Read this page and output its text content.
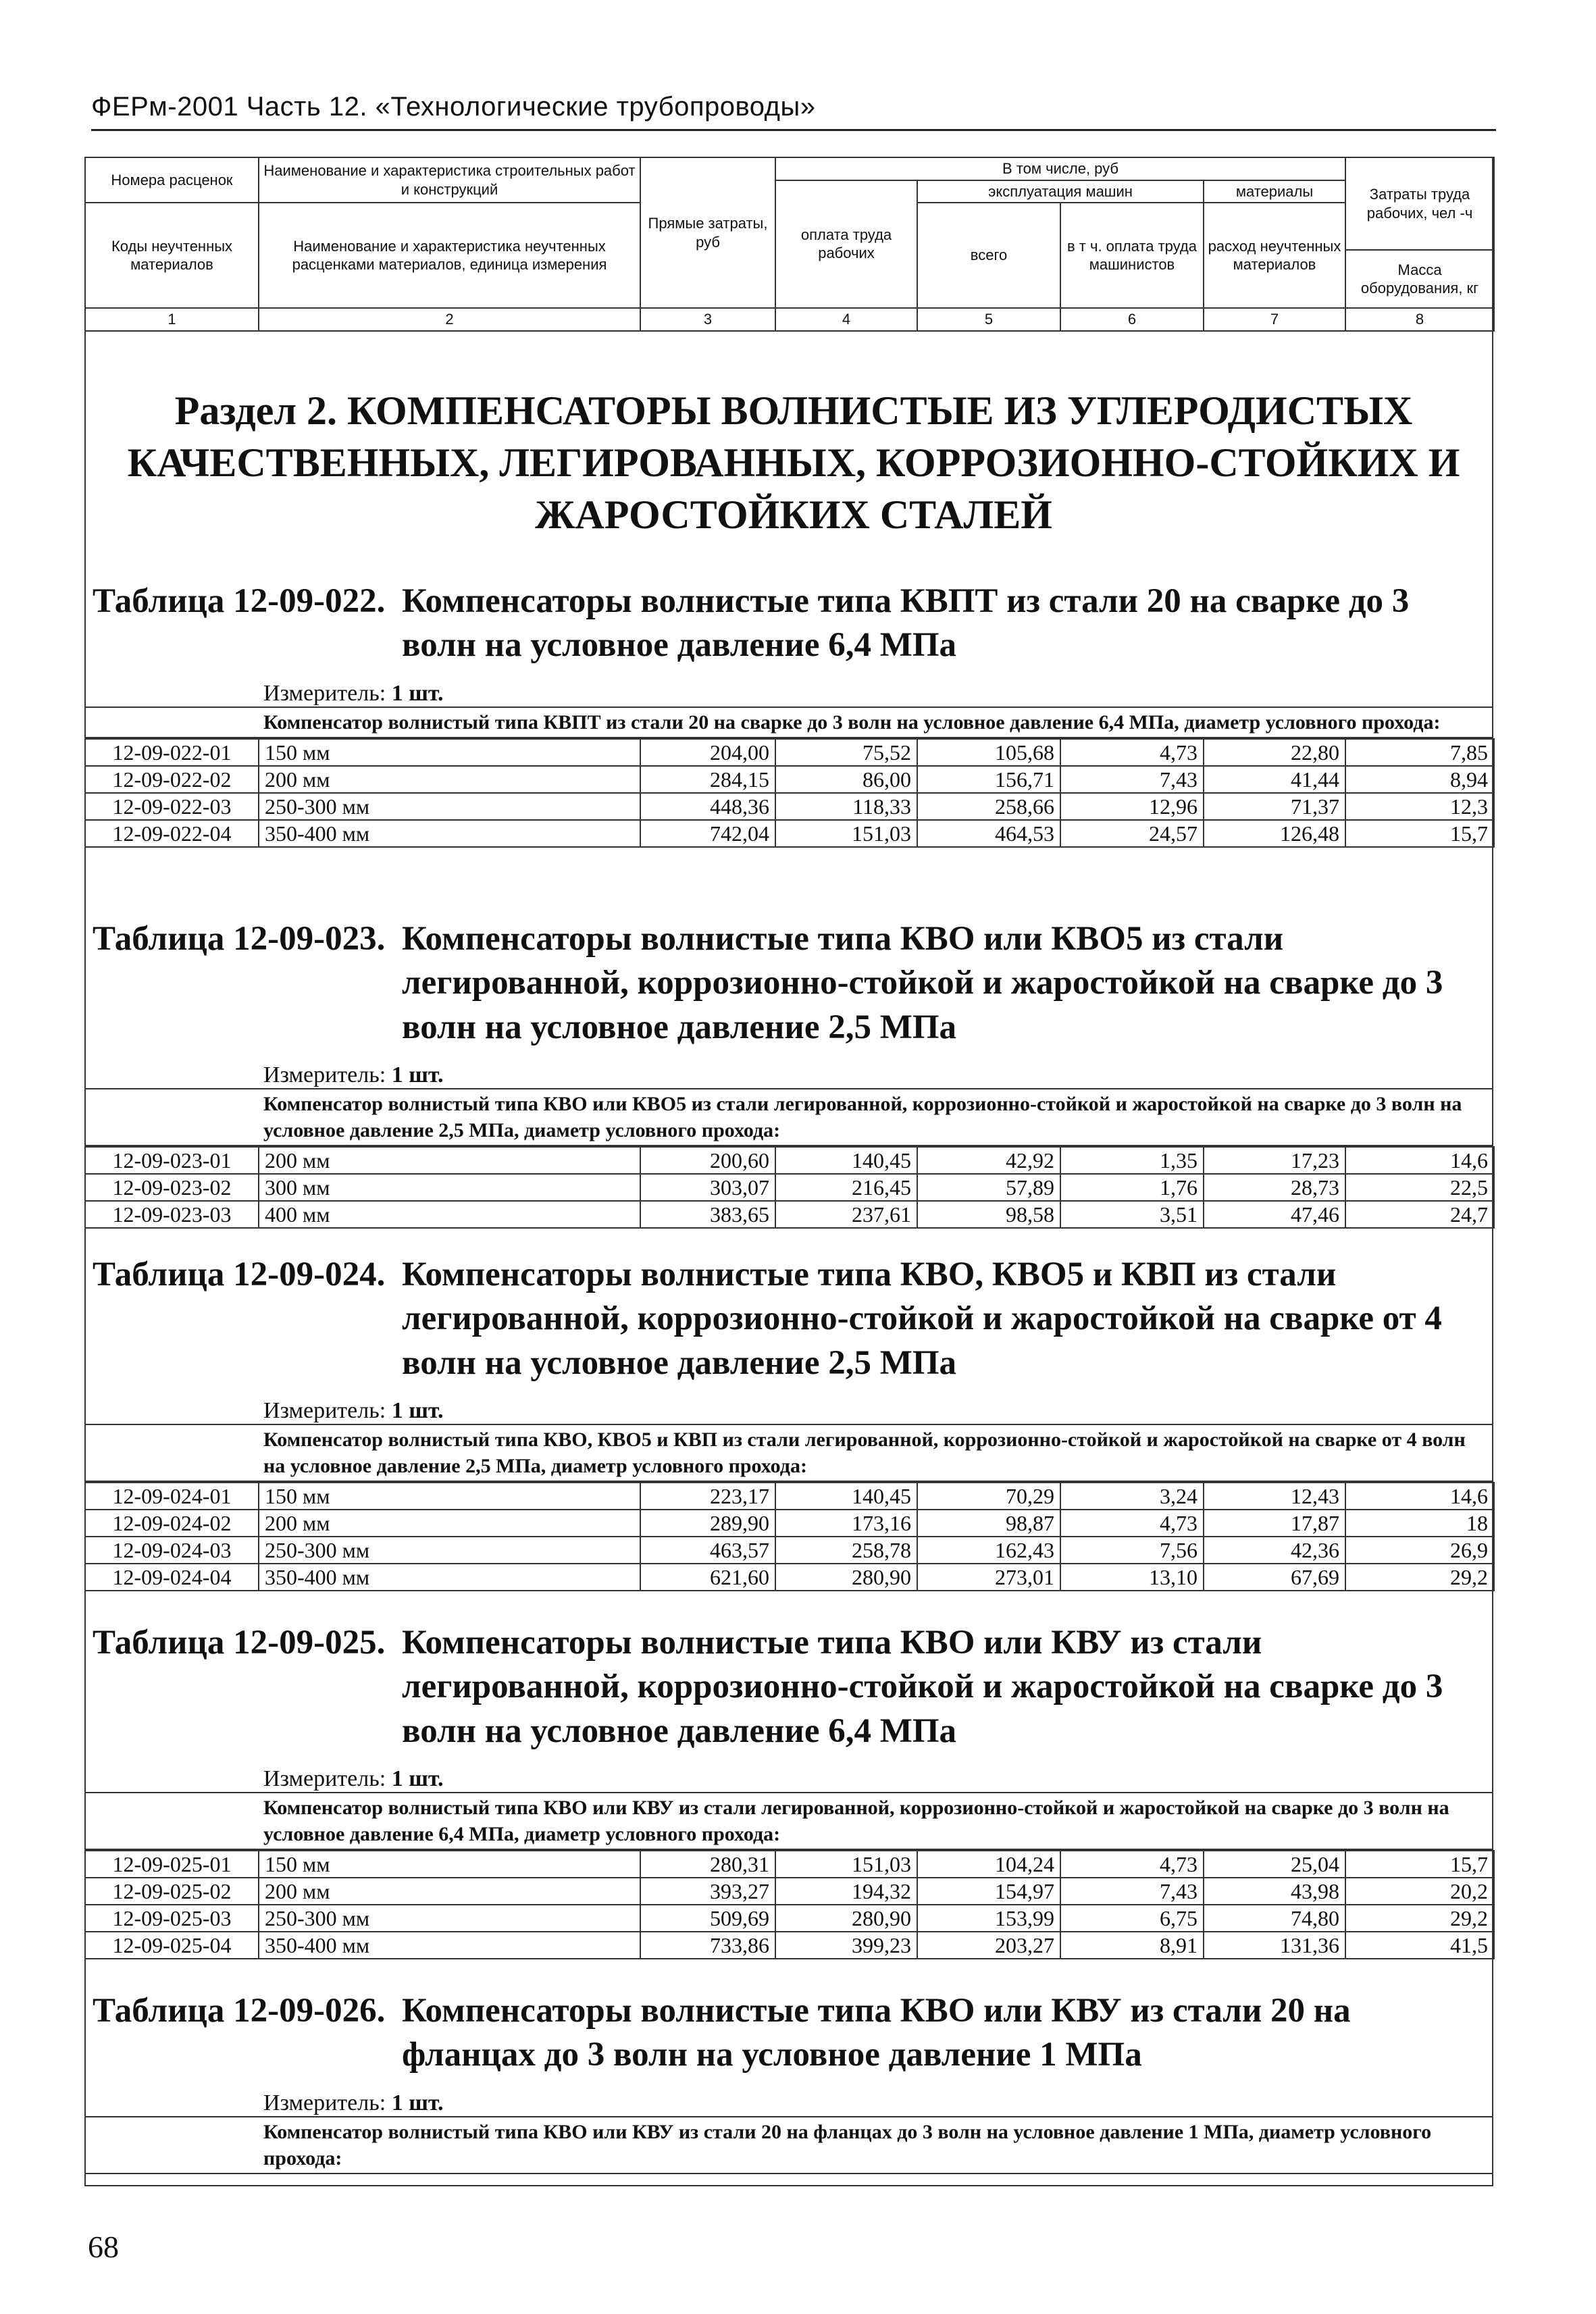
ФЕРм-2001 Часть 12. «Технологические трубопроводы»
Номера расценок	Наименование и характеристика строительных работ и конструкций	Прямые затраты, руб	В том числе, руб				Затраты труда рабочих, чел -ч
			оплата труда рабочих	эксплуатация машин		материалы	
Коды неучтенных материалов	Наименование и характеристика неучтенных расценками материалов, единица измерения			всего	в т ч. оплата труда машинистов	расход неучтенных материалов	
							Масса оборудования, кг
1	2	3	4	5	6	7	8
Раздел 2. КОМПЕНСАТОРЫ ВОЛНИСТЫЕ ИЗ УГЛЕРОДИСТЫХ КАЧЕСТВЕННЫХ, ЛЕГИРОВАННЫХ, КОРРОЗИОННО-СТОЙКИХ И ЖАРОСТОЙКИХ СТАЛЕЙ
Таблица 12-09-022. Компенсаторы волнистые типа КВПТ из стали 20 на сварке до 3 волн на условное давление 6,4 МПа
Измеритель: 1 шт.
Компенсатор волнистый типа КВПТ из стали 20 на сварке до 3 волн на условное давление 6,4 МПа, диаметр условного прохода:
12-09-022-01	150 мм	204,00	75,52	105,68	4,73	22,80	7,85
12-09-022-02	200 мм	284,15	86,00	156,71	7,43	41,44	8,94
12-09-022-03	250-300 мм	448,36	118,33	258,66	12,96	71,37	12,3
12-09-022-04	350-400 мм	742,04	151,03	464,53	24,57	126,48	15,7
Таблица 12-09-023. Компенсаторы волнистые типа КВО или КВО5 из стали легированной, коррозионно-стойкой и жаростойкой на сварке до 3 волн на условное давление 2,5 МПа
Измеритель: 1 шт.
Компенсатор волнистый типа КВО или КВО5 из стали легированной, коррозионно-стойкой и жаростойкой на сварке до 3 волн на условное давление 2,5 МПа, диаметр условного прохода:
12-09-023-01	200 мм	200,60	140,45	42,92	1,35	17,23	14,6
12-09-023-02	300 мм	303,07	216,45	57,89	1,76	28,73	22,5
12-09-023-03	400 мм	383,65	237,61	98,58	3,51	47,46	24,7
Таблица 12-09-024. Компенсаторы волнистые типа КВО, КВО5 и КВП из стали легированной, коррозионно-стойкой и жаростойкой на сварке от 4 волн на условное давление 2,5 МПа
Измеритель: 1 шт.
Компенсатор волнистый типа КВО, КВО5 и КВП из стали легированной, коррозионно-стойкой и жаростойкой на сварке от 4 волн на условное давление 2,5 МПа, диаметр условного прохода:
12-09-024-01	150 мм	223,17	140,45	70,29	3,24	12,43	14,6
12-09-024-02	200 мм	289,90	173,16	98,87	4,73	17,87	18
12-09-024-03	250-300 мм	463,57	258,78	162,43	7,56	42,36	26,9
12-09-024-04	350-400 мм	621,60	280,90	273,01	13,10	67,69	29,2
Таблица 12-09-025. Компенсаторы волнистые типа КВО или КВУ из стали легированной, коррозионно-стойкой и жаростойкой на сварке до 3 волн на условное давление 6,4 МПа
Измеритель: 1 шт.
Компенсатор волнистый типа КВО или КВУ из стали легированной, коррозионно-стойкой и жаростойкой на сварке до 3 волн на условное давление 6,4 МПа, диаметр условного прохода:
12-09-025-01	150 мм	280,31	151,03	104,24	4,73	25,04	15,7
12-09-025-02	200 мм	393,27	194,32	154,97	7,43	43,98	20,2
12-09-025-03	250-300 мм	509,69	280,90	153,99	6,75	74,80	29,2
12-09-025-04	350-400 мм	733,86	399,23	203,27	8,91	131,36	41,5
Таблица 12-09-026. Компенсаторы волнистые типа КВО или КВУ из стали 20 на фланцах до 3 волн на условное давление 1 МПа
Измеритель: 1 шт.
Компенсатор волнистый типа КВО или КВУ из стали 20 на фланцах до 3 волн на условное давление 1 МПа, диаметр условного прохода:
68
